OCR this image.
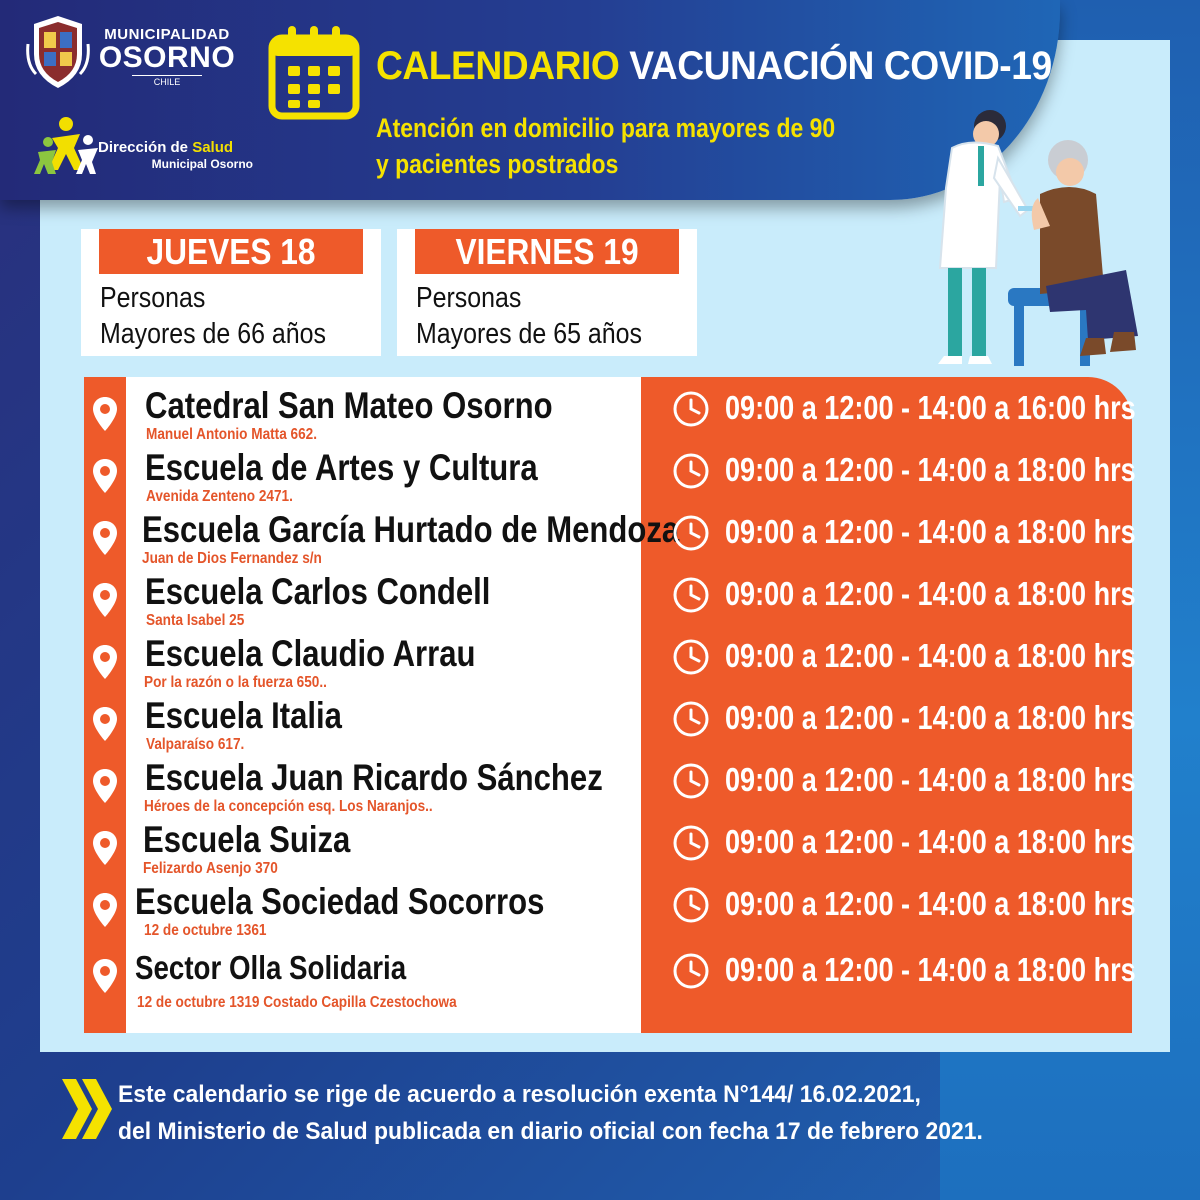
MUNICIPALIDAD
OSORNO
CHILE
Dirección de Salud
Municipal Osorno
CALENDARIO VACUNACIÓN COVID-19
Atención en domicilio para mayores de 90
y pacientes postrados
JUEVES 18
Personas
Mayores de 66 años
VIERNES 19
Personas
Mayores de 65 años
Catedral San Mateo Osorno
Manuel Antonio Matta 662.
09:00 a 12:00 - 14:00 a 16:00 hrs
Escuela de Artes y Cultura
Avenida Zenteno 2471.
09:00 a 12:00 - 14:00 a 18:00 hrs
Escuela García Hurtado de Mendoza
Juan de Dios Fernandez s/n
09:00 a 12:00 - 14:00 a 18:00 hrs
Escuela Carlos Condell
Santa Isabel 25
09:00 a 12:00 - 14:00 a 18:00 hrs
Escuela Claudio Arrau
Por la razón o la fuerza 650..
09:00 a 12:00 - 14:00 a 18:00 hrs
Escuela Italia
Valparaíso 617.
09:00 a 12:00 - 14:00 a 18:00 hrs
Escuela Juan Ricardo Sánchez
Héroes de la concepción esq. Los Naranjos..
09:00 a 12:00 - 14:00 a 18:00 hrs
Escuela Suiza
Felizardo Asenjo 370
09:00 a 12:00 - 14:00 a 18:00 hrs
Escuela Sociedad Socorros
12 de octubre 1361
09:00 a 12:00 - 14:00 a 18:00 hrs
Sector Olla Solidaria
12 de octubre 1319 Costado Capilla Czestochowa
09:00 a 12:00 - 14:00 a 18:00 hrs
Este calendario se rige de acuerdo a resolución exenta N°144/ 16.02.2021,
del Ministerio de Salud publicada en diario oficial con fecha 17 de febrero 2021.
